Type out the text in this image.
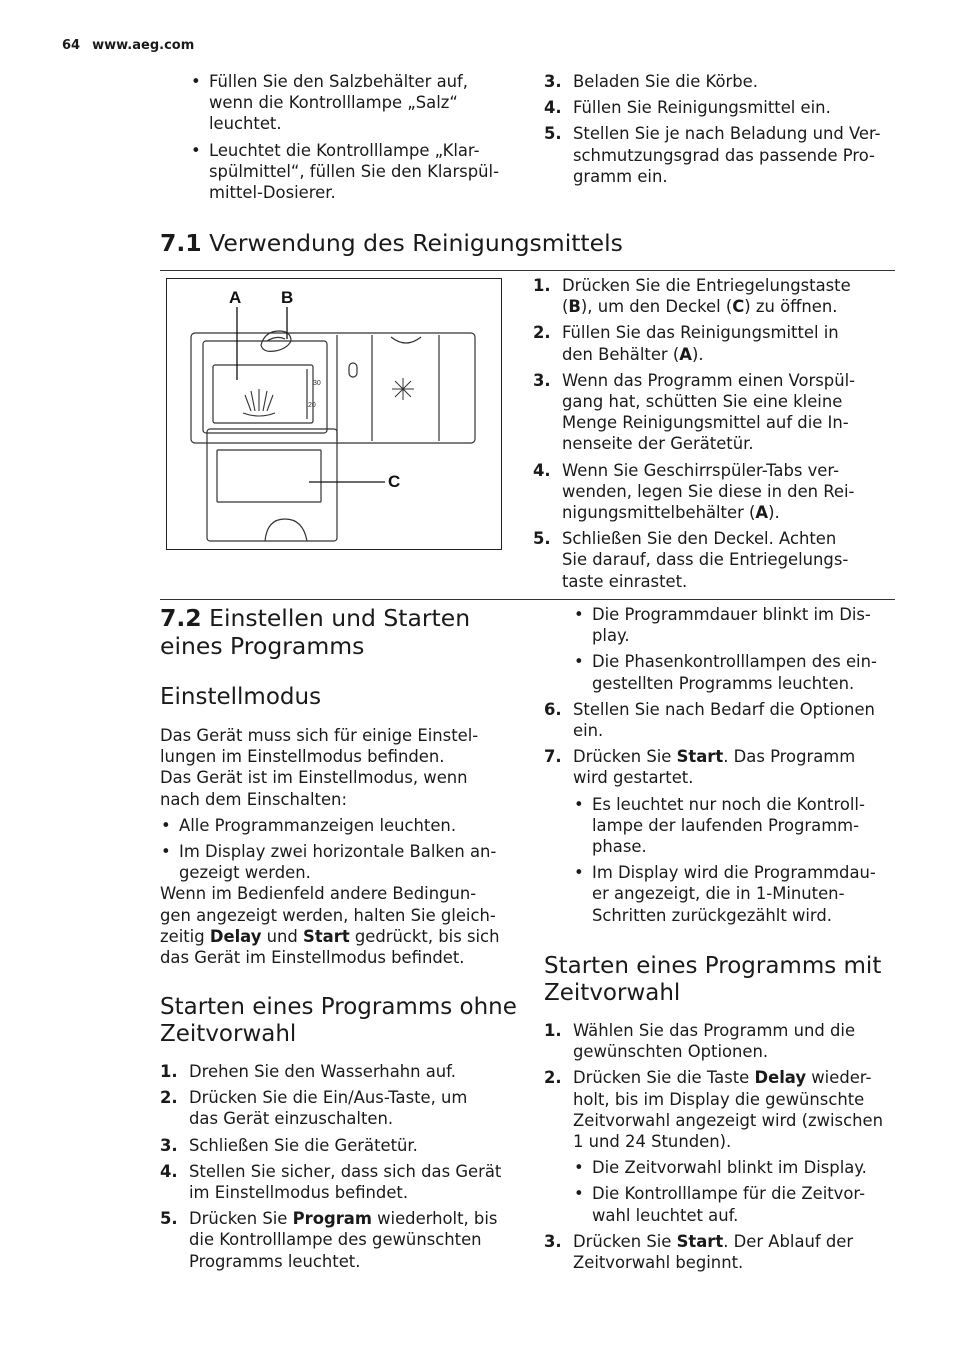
64 www.aeg.com
• Füllen Sie den Salzbehälter auf,
wenn die Kontrolllampe „Salz“
leuchtet.
• Leuchtet die Kontrolllampe „Klar-
spülmittel“, füllen Sie den Klarspül-
mittel-Dosierer.
3. Beladen Sie die Körbe.
4. Füllen Sie Reinigungsmittel ein.
5. Stellen Sie je nach Beladung und Ver-
schmutzungsgrad das passende Pro-
gramm ein.
7.1 Verwendung des Reinigungsmittels
30
20
A B
C
1. Drücken Sie die Entriegelungstaste
(B), um den Deckel (C) zu öffnen.
2. Füllen Sie das Reinigungsmittel in
den Behälter (A).
3. Wenn das Programm einen Vorspül-
gang hat, schütten Sie eine kleine
Menge Reinigungsmittel auf die In-
nenseite der Gerätetür.
4. Wenn Sie Geschirrspüler-Tabs ver-
wenden, legen Sie diese in den Rei-
nigungsmittelbehälter (A).
5. Schließen Sie den Deckel. Achten
Sie darauf, dass die Entriegelungs-
taste einrastet.
7.2 Einstellen und Starten
eines Programms
Einstellmodus
Das Gerät muss sich für einige Einstel-
lungen im Einstellmodus befinden.
Das Gerät ist im Einstellmodus, wenn
nach dem Einschalten:
• Alle Programmanzeigen leuchten.
• Im Display zwei horizontale Balken an-
gezeigt werden.
Wenn im Bedienfeld andere Bedingun-
gen angezeigt werden, halten Sie gleich-
zeitig Delay und Start gedrückt, bis sich
das Gerät im Einstellmodus befindet.
Starten eines Programms ohne
Zeitvorwahl
1. Drehen Sie den Wasserhahn auf.
2. Drücken Sie die Ein/Aus-Taste, um
das Gerät einzuschalten.
3. Schließen Sie die Gerätetür.
4. Stellen Sie sicher, dass sich das Gerät
im Einstellmodus befindet.
5. Drücken Sie Program wiederholt, bis
die Kontrolllampe des gewünschten
Programms leuchtet.
• Die Programmdauer blinkt im Dis-
play.
• Die Phasenkontrolllampen des ein-
gestellten Programms leuchten.
6. Stellen Sie nach Bedarf die Optionen
ein.
7. Drücken Sie Start. Das Programm
wird gestartet.
• Es leuchtet nur noch die Kontroll-
lampe der laufenden Programm-
phase.
• Im Display wird die Programmdau-
er angezeigt, die in 1-Minuten-
Schritten zurückgezählt wird.
Starten eines Programms mit
Zeitvorwahl
1. Wählen Sie das Programm und die
gewünschten Optionen.
2. Drücken Sie die Taste Delay wieder-
holt, bis im Display die gewünschte
Zeitvorwahl angezeigt wird (zwischen
1 und 24 Stunden).
• Die Zeitvorwahl blinkt im Display.
• Die Kontrolllampe für die Zeitvor-
wahl leuchtet auf.
3. Drücken Sie Start. Der Ablauf der
Zeitvorwahl beginnt.
